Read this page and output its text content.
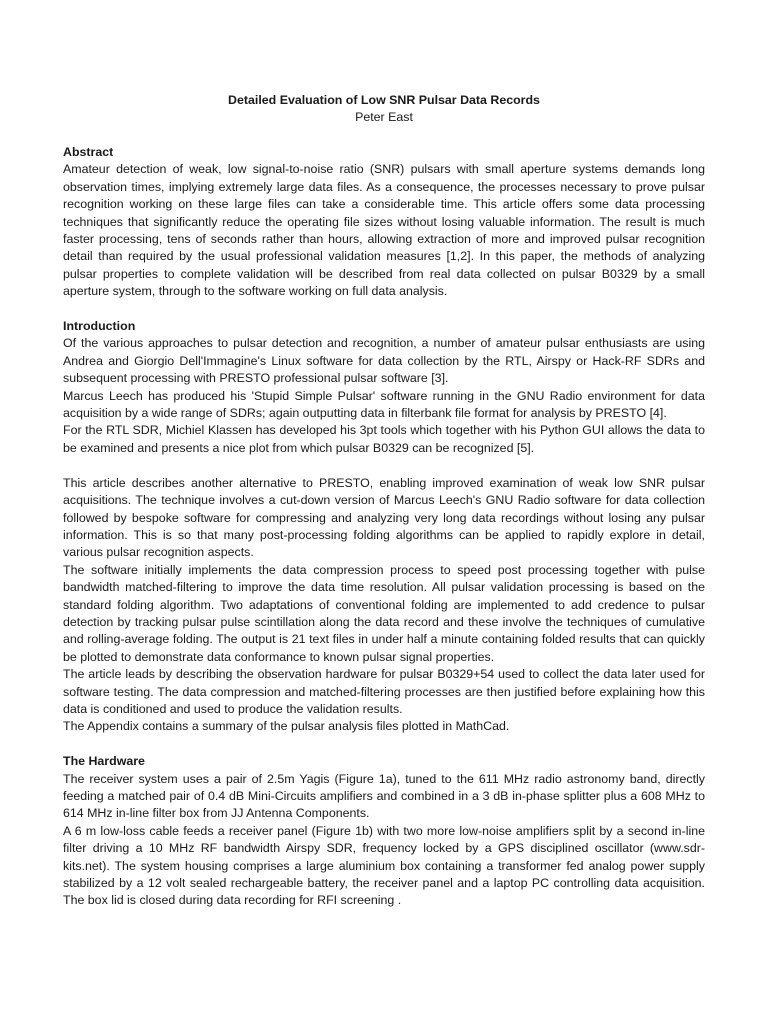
Detailed Evaluation of Low SNR Pulsar Data Records

Peter East

Abstract

Amateur detection of weak, low signal-to-noise ratio (SNR) pulsars with small aperture systems demands long observation times, implying extremely large data files. As a consequence, the processes necessary to prove pulsar recognition working on these large files can take a considerable time. This article offers some data processing techniques that significantly reduce the operating file sizes without losing valuable information. The result is much faster processing, tens of seconds rather than hours, allowing extraction of more and improved pulsar recognition detail than required by the usual professional validation measures [1,2]. In this paper, the methods of analyzing pulsar properties to complete validation will be described from real data collected on pulsar B0329 by a small aperture system, through to the software working on full data analysis.

Introduction

Of the various approaches to pulsar detection and recognition, a number of amateur pulsar enthusiasts are using Andrea and Giorgio Dell'Immagine's Linux software for data collection by the RTL, Airspy or Hack-RF SDRs and subsequent processing with PRESTO professional pulsar software [3].

Marcus Leech has produced his 'Stupid Simple Pulsar' software running in the GNU Radio environment for data acquisition by a wide range of SDRs; again outputting data in filterbank file format for analysis by PRESTO [4].

For the RTL SDR, Michiel Klassen has developed his 3pt tools which together with his Python GUI allows the data to be examined and presents a nice plot from which pulsar B0329 can be recognized [5].

This article describes another alternative to PRESTO, enabling improved examination of weak low SNR pulsar acquisitions. The technique involves a cut-down version of Marcus Leech's GNU Radio software for data collection followed by bespoke software for compressing and analyzing very long data recordings without losing any pulsar information. This is so that many post-processing folding algorithms can be applied to rapidly explore in detail, various pulsar recognition aspects.

The software initially implements the data compression process to speed post processing together with pulse bandwidth matched-filtering to improve the data time resolution. All pulsar validation processing is based on the standard folding algorithm. Two adaptations of conventional folding are implemented to add credence to pulsar detection by tracking pulsar pulse scintillation along the data record and these involve the techniques of cumulative and rolling-average folding. The output is 21 text files in under half a minute containing folded results that can quickly be plotted to demonstrate data conformance to known pulsar signal properties.

The article leads by describing the observation hardware for pulsar B0329+54 used to collect the data later used for software testing. The data compression and matched-filtering processes are then justified before explaining how this data is conditioned and used to produce the validation results.

The Appendix contains a summary of the pulsar analysis files plotted in MathCad.

The Hardware

The receiver system uses a pair of 2.5m Yagis (Figure 1a), tuned to the 611 MHz radio astronomy band, directly feeding a matched pair of 0.4 dB Mini-Circuits amplifiers and combined in a 3 dB in-phase splitter plus a 608 MHz to 614 MHz in-line filter box from JJ Antenna Components.

A 6 m low-loss cable feeds a receiver panel (Figure 1b) with two more low-noise amplifiers split by a second in-line filter driving a 10 MHz RF bandwidth Airspy SDR, frequency locked by a GPS disciplined oscillator (www.sdr-kits.net). The system housing comprises a large aluminium box containing a transformer fed analog power supply stabilized by a 12 volt sealed rechargeable battery, the receiver panel and a laptop PC controlling data acquisition. The box lid is closed during data recording for RFI screening .
